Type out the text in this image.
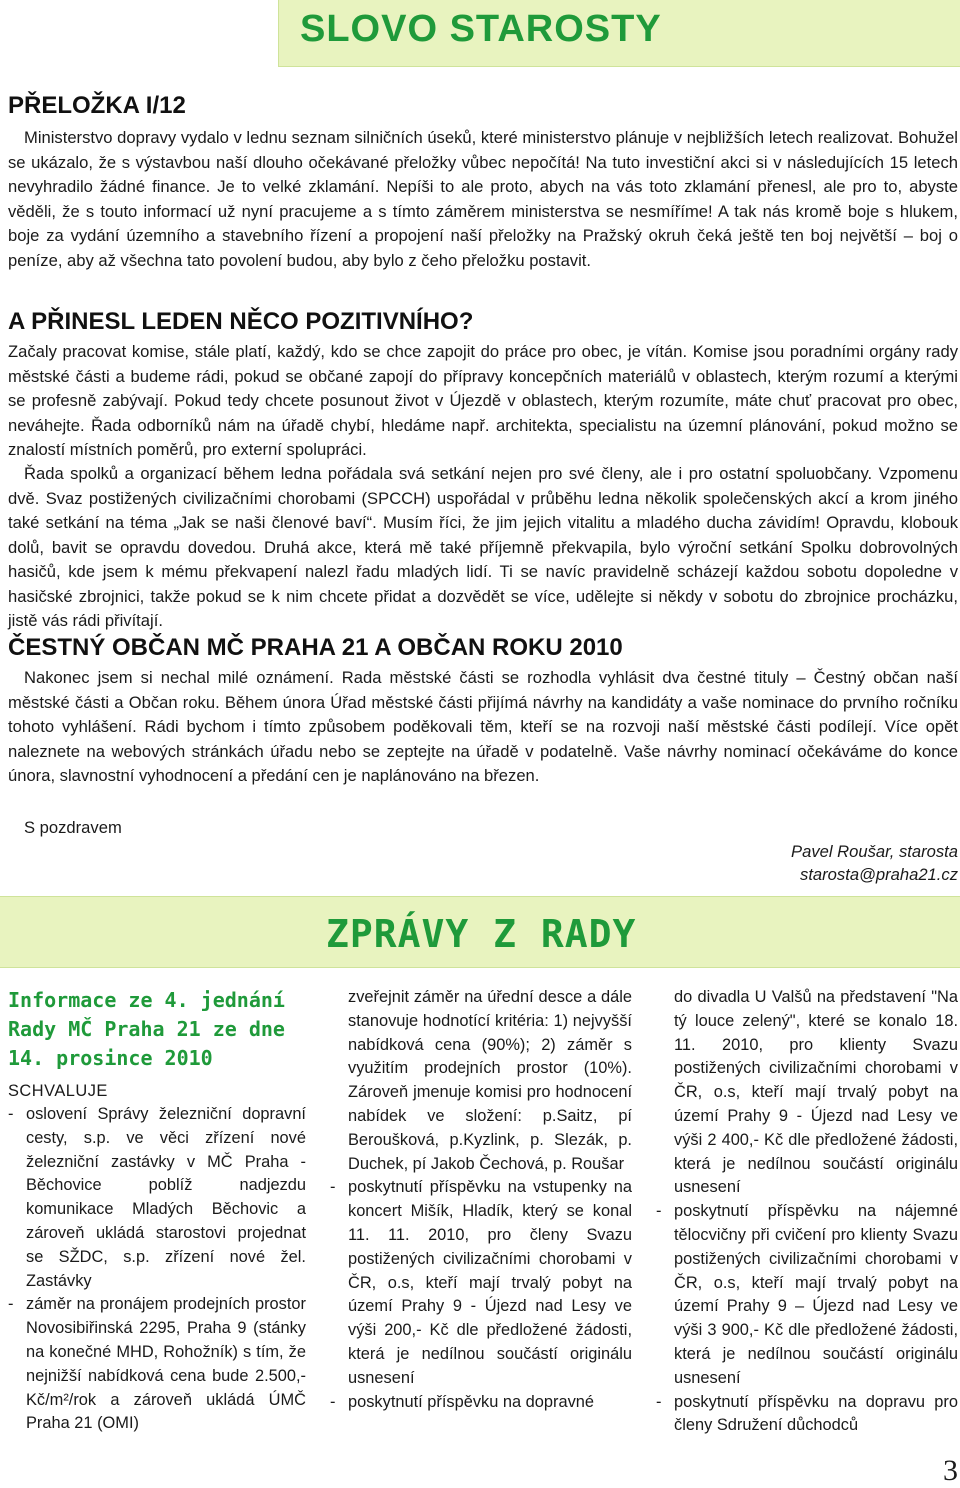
SLOVO STAROSTY
PŘELOŽKA I/12

Ministerstvo dopravy vydalo v lednu seznam silničních úseků, které ministerstvo plánuje v nejbližších letech realizovat. Bohužel se ukázalo, že s výstavbou naší dlouho očekávané přeložky vůbec nepočítá! Na tuto investiční akci si v následujících 15 letech nevyhradilo žádné finance. Je to velké zklamání. Nepíši to ale proto, abych na vás toto zklamání přenesl, ale pro to, abyste věděli, že s touto informací už nyní pracujeme a s tímto záměrem ministerstva se nesmíříme! A tak nás kromě boje s hlukem, boje za vydání územního a stavebního řízení a propojení naší přeložky na Pražský okruh čeká ještě ten boj největší – boj o peníze, aby až všechna tato povolení budou, aby bylo z čeho přeložku postavit.

A PŘINESL LEDEN NĚCO POZITIVNÍHO?

Začaly pracovat komise, stále platí, každý, kdo se chce zapojit do práce pro obec, je vítán. Komise jsou poradními orgány rady městské části a budeme rádi, pokud se občané zapojí do přípravy koncepčních materiálů v oblastech, kterým rozumí a kterými se profesně zabývají. Pokud tedy chcete posunout život v Újezdě v oblastech, kterým rozumíte, máte chuť pracovat pro obec, neváhejte. Řada odborníků nám na úřadě chybí, hledáme např. architekta, specialistu na územní plánování, pokud možno se znalostí místních poměrů, pro externí spolupráci.

Řada spolků a organizací během ledna pořádala svá setkání nejen pro své členy, ale i pro ostatní spoluobčany. Vzpomenu dvě. Svaz postižených civilizačními chorobami (SPCCH) uspořádal v průběhu ledna několik společenských akcí a krom jiného také setkání na téma „Jak se naši členové baví“. Musím říci, že jim jejich vitalitu a mladého ducha závidím! Opravdu, klobouk dolů, bavit se opravdu dovedou. Druhá akce, která mě také příjemně překvapila, bylo výroční setkání Spolku dobrovolných hasičů, kde jsem k mému překvapení nalezl řadu mladých lidí. Ti se navíc pravidelně scházejí každou sobotu dopoledne v hasičské zbrojnici, takže pokud se k nim chcete přidat a dozvědět se více, udělejte si někdy v sobotu do zbrojnice procházku, jistě vás rádi přivítají.

ČESTNÝ OBČAN MČ PRAHA 21 A OBČAN ROKU 2010

Nakonec jsem si nechal milé oznámení. Rada městské části se rozhodla vyhlásit dva čestné tituly – Čestný občan naší městské části a Občan roku. Během února Úřad městské části přijímá návrhy na kandidáty a vaše nominace do prvního ročníku tohoto vyhlášení. Rádi bychom i tímto způsobem poděkovali těm, kteří se na rozvoji naší městské části podílejí. Více opět naleznete na webových stránkách úřadu nebo se zeptejte na úřadě v podatelně. Vaše návrhy nominací očekáváme do konce února, slavnostní vyhodnocení a předání cen je naplánováno na březen.

S pozdravem
Pavel Roušar, starosta
starosta@praha21.cz
ZPRÁVY Z RADY

Informace ze 4. jednání Rady MČ Praha 21 ze dne 14. prosince 2010

SCHVALUJE

- oslovení Správy železniční dopravní cesty, s.p. ve věci zřízení nové železniční zastávky v MČ Praha - Běchovice poblíž nadjezdu komunikace Mladých Běchovic a zároveň ukládá starostovi projednat se SŽDC, s.p. zřízení nové žel. Zastávky

- záměr na pronájem prodejních prostor Novosibiřinská 2295, Praha 9 (stánky na konečné MHD, Rohožník) s tím, že nejnižší nabídková cena bude 2.500,-Kč/m²/rok a zároveň ukládá ÚMČ Praha 21 (OMI)

zveřejnit záměr na úřední desce a dále stanovuje hodnotící kritéria: 1) nejvyšší nabídková cena (90%); 2) záměr s využitím prodejních prostor (10%). Zároveň jmenuje komisi pro hodnocení nabídek ve složení: p.Saitz, pí Beroušková, p.Kyzlink, p. Slezák, p. Duchek, pí Jakob Čechová, p. Roušar

- poskytnutí příspěvku na vstupenky na koncert Mišík, Hladík, který se konal 11. 11. 2010, pro členy Svazu postižených civilizačními chorobami v ČR, o.s, kteří mají trvalý pobyt na území Prahy 9 - Újezd nad Lesy ve výši 200,- Kč dle předložené žádosti, která je nedílnou součástí originálu usnesení

- poskytnutí příspěvku na dopravné

do divadla U Valšů na představení "Na tý louce zelený", které se konalo 18. 11. 2010, pro klienty Svazu postižených civilizačními chorobami v ČR, o.s, kteří mají trvalý pobyt na území Prahy 9 - Újezd nad Lesy ve výši 2 400,- Kč dle předložené žádosti, která je nedílnou součástí originálu usnesení

- poskytnutí příspěvku na nájemné tělocvičny při cvičení pro klienty Svazu postižených civilizačními chorobami v ČR, o.s, kteří mají trvalý pobyt na území Prahy 9 – Újezd nad Lesy ve výši 3 900,- Kč dle předložené žádosti, která je nedílnou součástí originálu usnesení

- poskytnutí příspěvku na dopravu pro členy Sdružení důchodců

3
